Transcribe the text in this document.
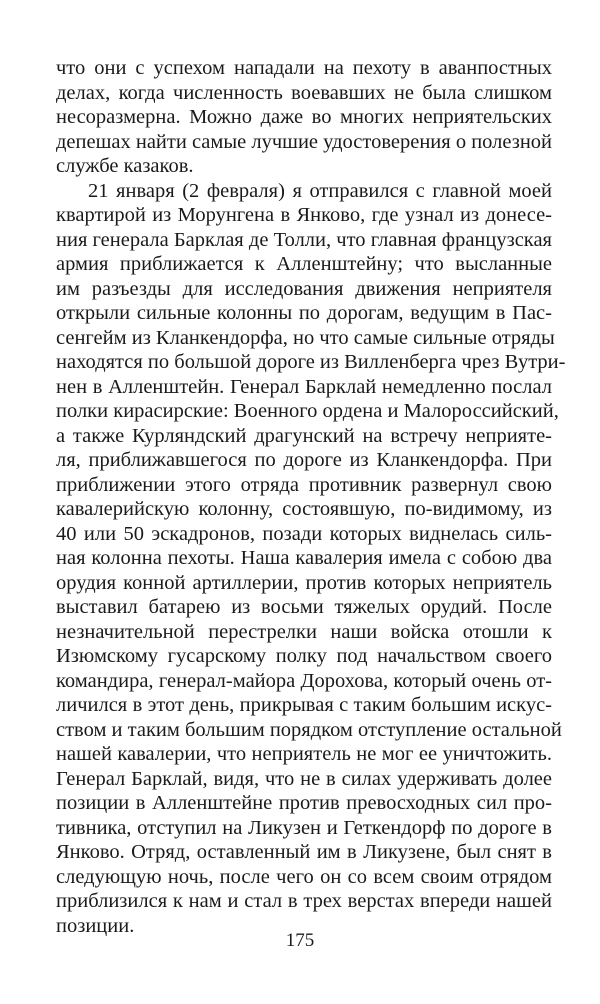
что они с успехом нападали на пехоту в аванпостных
делах, когда численность воевавших не была слишком
несоразмерна. Можно даже во многих неприятельских
депешах найти самые лучшие удостоверения о полезной
службе казаков.
21 января (2 февраля) я отправился с главной моей
квартирой из Морунгена в Янково, где узнал из донесе-
ния генерала Барклая де Толли, что главная французская
армия приближается к Алленштейну; что высланные
им разъезды для исследования движения неприятеля
открыли сильные колонны по дорогам, ведущим в Пас-
сенгейм из Кланкендорфа, но что самые сильные отряды
находятся по большой дороге из Вилленберга чрез Вутри-
нен в Алленштейн. Генерал Барклай немедленно послал
полки кирасирские: Военного ордена и Малороссийский,
а также Курляндский драгунский на встречу неприяте-
ля, приближавшегося по дороге из Кланкендорфа. При
приближении этого отряда противник развернул свою
кавалерийскую колонну, состоявшую, по-видимому, из
40 или 50 эскадронов, позади которых виднелась силь-
ная колонна пехоты. Наша кавалерия имела с собою два
орудия конной артиллерии, против которых неприятель
выставил батарею из восьми тяжелых орудий. После
незначительной перестрелки наши войска отошли к
Изюмскому гусарскому полку под начальством своего
командира, генерал-майора Дорохова, который очень от-
личился в этот день, прикрывая с таким большим искус-
ством и таким большим порядком отступление остальной
нашей кавалерии, что неприятель не мог ее уничтожить.
Генерал Барклай, видя, что не в силах удерживать долее
позиции в Алленштейне против превосходных сил про-
тивника, отступил на Ликузен и Геткендорф по дороге в
Янково. Отряд, оставленный им в Ликузене, был снят в
следующую ночь, после чего он со всем своим отрядом
приблизился к нам и стал в трех верстах впереди нашей
позиции.
175
